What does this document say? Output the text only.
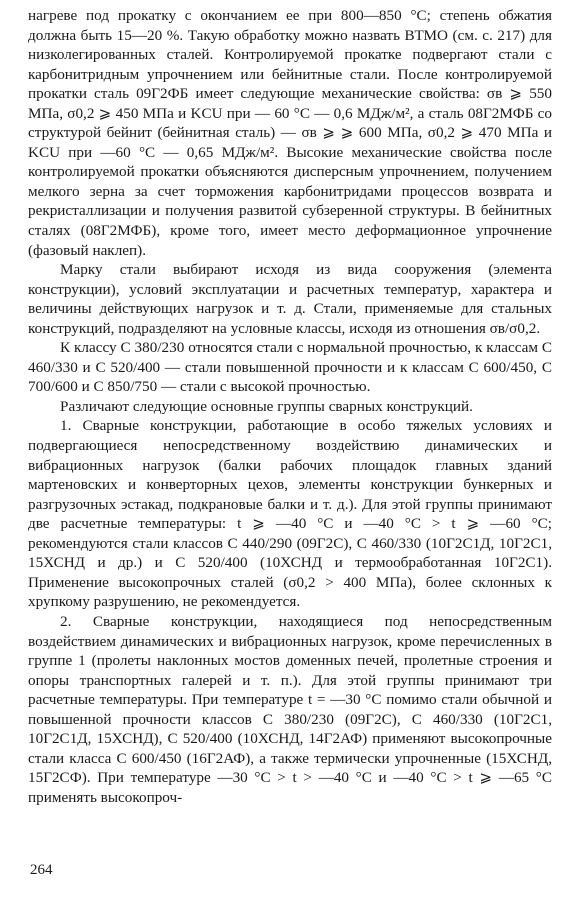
нагреве под прокатку с окончанием ее при 800—850 °С; степень обжатия должна быть 15—20 %. Такую обработку можно назвать ВТМО (см. с. 217) для низколегированных сталей. Контролируемой прокатке подвергают стали с карбонитридным упрочнением или бейнитные стали. После контролируемой прокатки сталь 09Г2ФБ имеет следующие механические свойства: σв ⩾ 550 МПа, σ0,2 ⩾ 450 МПа и KCU при — 60 °С — 0,6 МДж/м², а сталь 08Г2МФБ со структурой бейнит (бейнитная сталь) — σв ⩾ ⩾ 600 МПа, σ0,2 ⩾ 470 МПа и KCU при —60 °С — 0,65 МДж/м². Высокие механические свойства после контролируемой прокатки объясняются дисперсным упрочнением, получением мелкого зерна за счет торможения карбонитридами процессов возврата и рекристаллизации и получения развитой субзеренной структуры. В бейнитных сталях (08Г2МФБ), кроме того, имеет место деформационное упрочнение (фазовый наклеп).

Марку стали выбирают исходя из вида сооружения (элемента конструкции), условий эксплуатации и расчетных температур, характера и величины действующих нагрузок и т. д. Стали, применяемые для стальных конструкций, подразделяют на условные классы, исходя из отношения σв/σ0,2.

К классу С 380/230 относятся стали с нормальной прочностью, к классам С 460/330 и С 520/400 — стали повышенной прочности и к классам С 600/450, С 700/600 и С 850/750 — стали с высокой прочностью.

Различают следующие основные группы сварных конструкций.

1. Сварные конструкции, работающие в особо тяжелых условиях и подвергающиеся непосредственному воздействию динамических и вибрационных нагрузок (балки рабочих площадок главных зданий мартеновских и конверторных цехов, элементы конструкции бункерных и разгрузочных эстакад, подкрановые балки и т. д.). Для этой группы принимают две расчетные температуры: t ⩾ —40 °С и —40 °С > t ⩾ —60 °С; рекомендуются стали классов С 440/290 (09Г2С), С 460/330 (10Г2С1Д, 10Г2С1, 15ХСНД и др.) и С 520/400 (10ХСНД и термообработанная 10Г2С1). Применение высокопрочных сталей (σ0,2 > 400 МПа), более склонных к хрупкому разрушению, не рекомендуется.

2. Сварные конструкции, находящиеся под непосредственным воздействием динамических и вибрационных нагрузок, кроме перечисленных в группе 1 (пролеты наклонных мостов доменных печей, пролетные строения и опоры транспортных галерей и т. п.). Для этой группы принимают три расчетные температуры. При температуре t = —30 °С помимо стали обычной и повышенной прочности классов С 380/230 (09Г2С), С 460/330 (10Г2С1, 10Г2С1Д, 15ХСНД), С 520/400 (10ХСНД, 14Г2АФ) применяют высокопрочные стали класса С 600/450 (16Г2АФ), а также термически упрочненные (15ХСНД, 15Г2СФ). При температуре —30 °С > t > —40 °С и —40 °С > t ⩾ —65 °С применять высокопроч-

264
